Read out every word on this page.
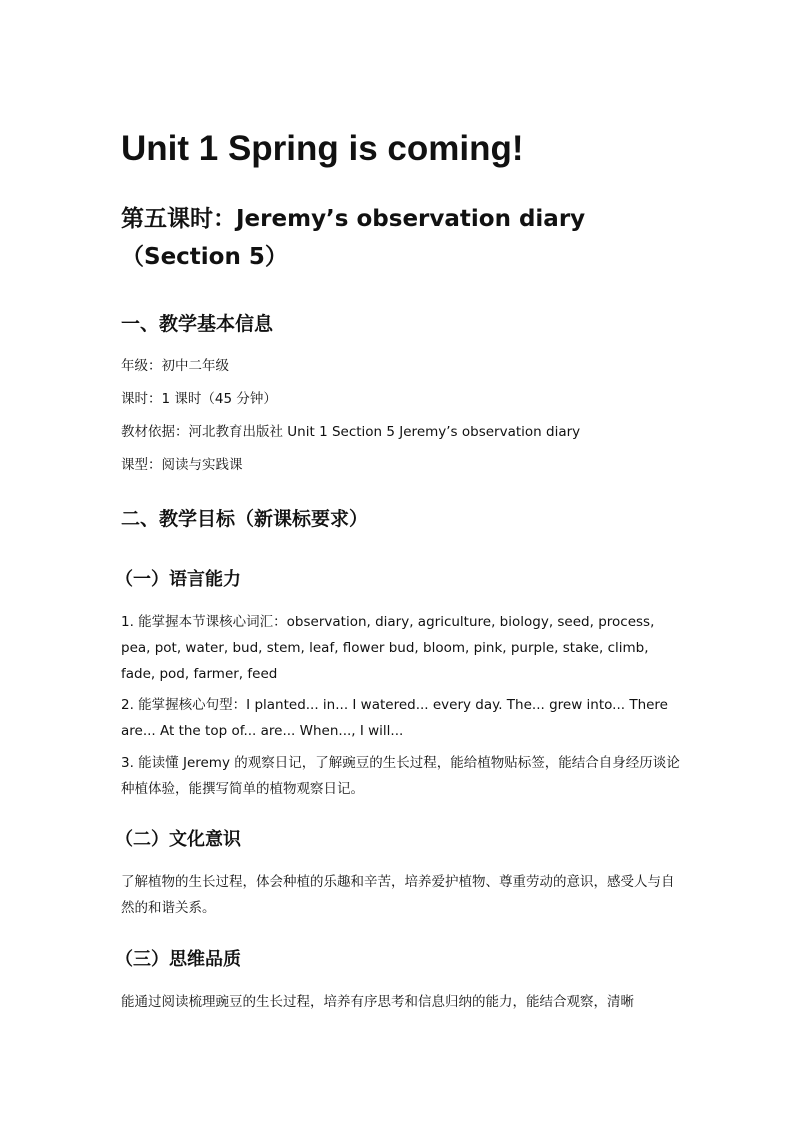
Unit 1 Spring is coming!
第五课时：Jeremy’s observation diary（Section 5）
一、教学基本信息

年级：初中二年级

课时：1 课时（45 分钟）

教材依据：河北教育出版社 Unit 1 Section 5 Jeremy’s observation diary

课型：阅读与实践课

二、教学目标（新课标要求）
（一）语言能力

1. 能掌握本节课核心词汇：observation, diary, agriculture, biology, seed, process, pea, pot, water, bud, stem, leaf, flower bud, bloom, pink, purple, stake, climb, fade, pod, farmer, feed

2. 能掌握核心句型：I planted... in... I watered... every day. The... grew into... There are... At the top of... are... When..., I will...

3. 能读懂 Jeremy 的观察日记，了解豌豆的生长过程，能给植物贴标签，能结合自身经历谈论种植体验，能撰写简单的植物观察日记。

（二）文化意识

了解植物的生长过程，体会种植的乐趣和辛苦，培养爱护植物、尊重劳动的意识，感受人与自然的和谐关系。

（三）思维品质

能通过阅读梳理豌豆的生长过程，培养有序思考和信息归纳的能力，能结合观察，清晰
